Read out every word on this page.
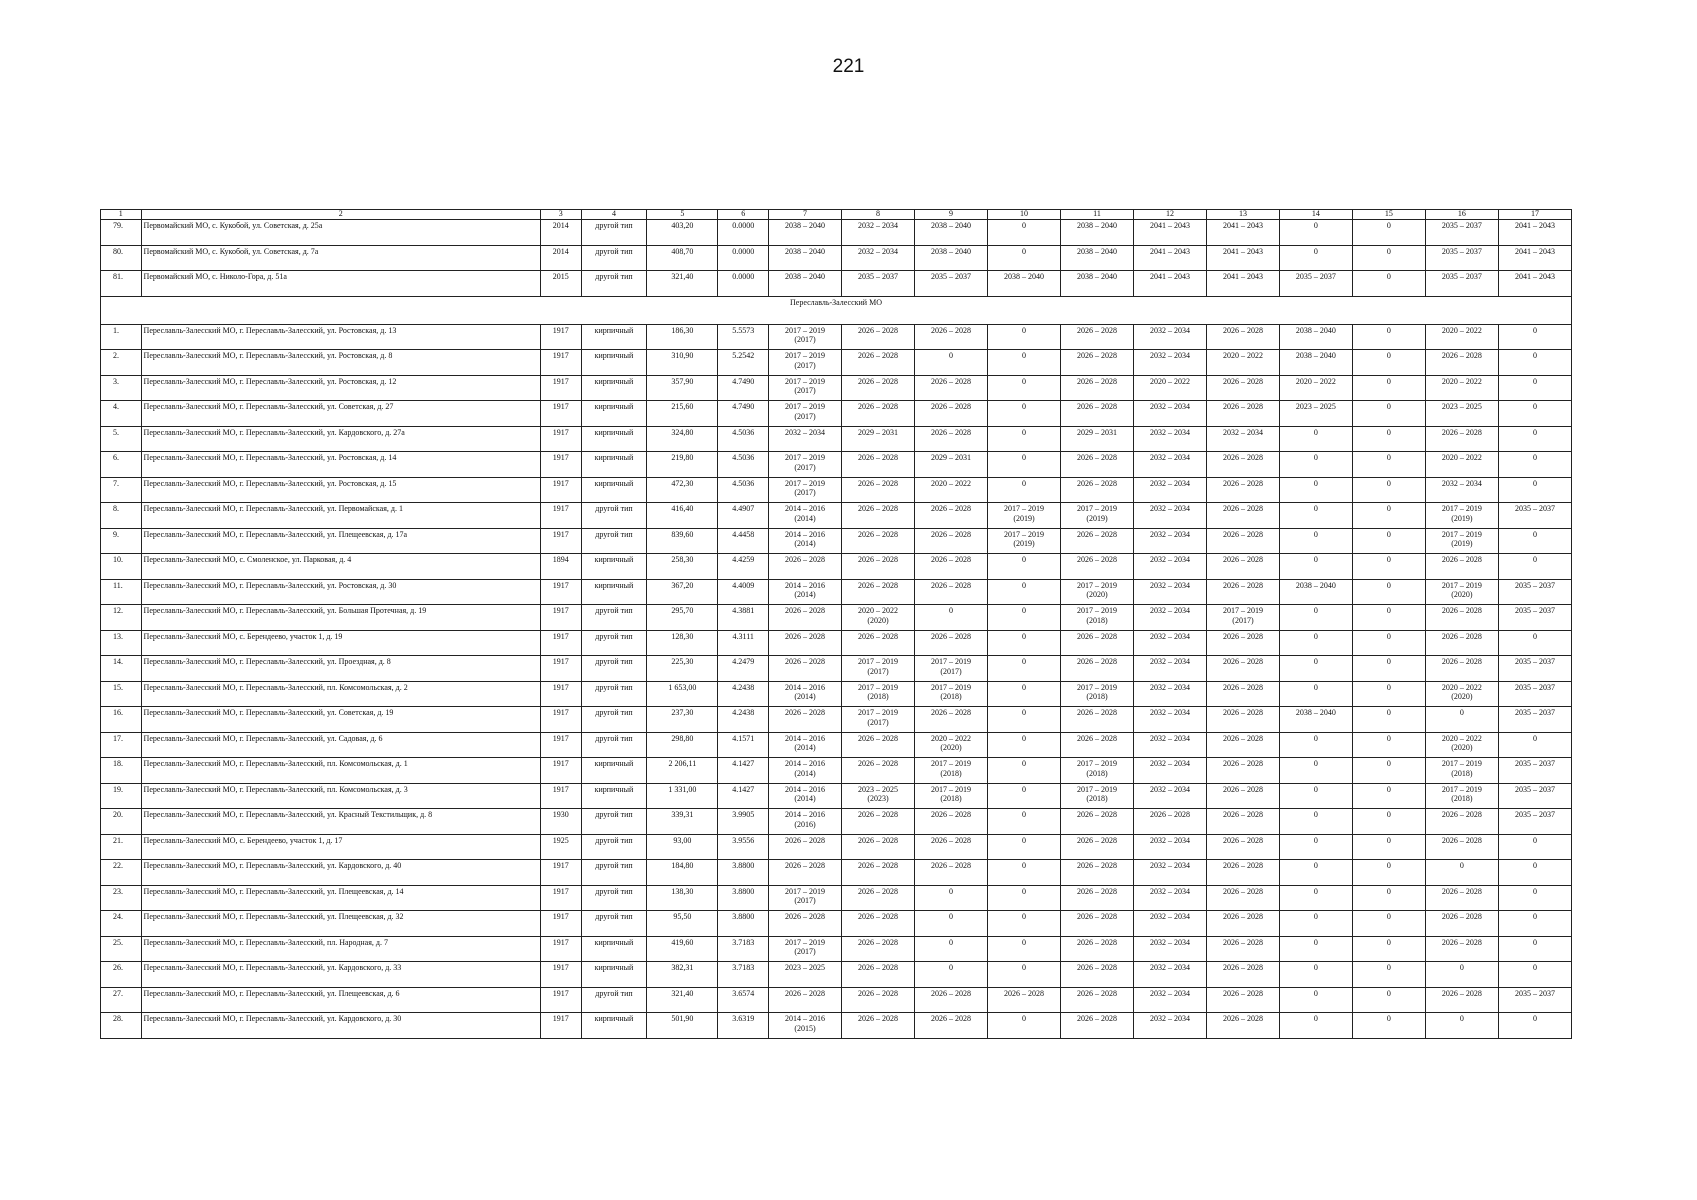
221
1	2	3	4	5	6	7	8	9	10	11	12	13	14	15	16	17
79.	Первомайский МО, с. Кукобой, ул. Советская, д. 25а	2014	другой тип	403,20	0.0000	2038 – 2040	2032 – 2034	2038 – 2040	0	2038 – 2040	2041 – 2043	2041 – 2043	0	0	2035 – 2037	2041 – 2043
80.	Первомайский МО, с. Кукобой, ул. Советская, д. 7а	2014	другой тип	408,70	0.0000	2038 – 2040	2032 – 2034	2038 – 2040	0	2038 – 2040	2041 – 2043	2041 – 2043	0	0	2035 – 2037	2041 – 2043
81.	Первомайский МО, с. Николо-Гора, д. 51а	2015	другой тип	321,40	0.0000	2038 – 2040	2035 – 2037	2035 – 2037	2038 – 2040	2038 – 2040	2041 – 2043	2041 – 2043	2035 – 2037	0	2035 – 2037	2041 – 2043
Переславль-Залесский МО																
1.	Переславль-Залесский МО, г. Переславль-Залесский, ул. Ростовская, д. 13	1917	кирпичный	186,30	5.5573	2017 – 2019
(2017)	2026 – 2028	2026 – 2028	0	2026 – 2028	2032 – 2034	2026 – 2028	2038 – 2040	0	2020 – 2022	0
2.	Переславль-Залесский МО, г. Переславль-Залесский, ул. Ростовская, д. 8	1917	кирпичный	310,90	5.2542	2017 – 2019
(2017)	2026 – 2028	0	0	2026 – 2028	2032 – 2034	2020 – 2022	2038 – 2040	0	2026 – 2028	0
3.	Переславль-Залесский МО, г. Переславль-Залесский, ул. Ростовская, д. 12	1917	кирпичный	357,90	4.7490	2017 – 2019
(2017)	2026 – 2028	2026 – 2028	0	2026 – 2028	2020 – 2022	2026 – 2028	2020 – 2022	0	2020 – 2022	0
4.	Переславль-Залесский МО, г. Переславль-Залесский, ул. Советская, д. 27	1917	кирпичный	215,60	4.7490	2017 – 2019
(2017)	2026 – 2028	2026 – 2028	0	2026 – 2028	2032 – 2034	2026 – 2028	2023 – 2025	0	2023 – 2025	0
5.	Переславль-Залесский МО, г. Переславль-Залесский, ул. Кардовского, д. 27а	1917	кирпичный	324,80	4.5036	2032 – 2034	2029 – 2031	2026 – 2028	0	2029 – 2031	2032 – 2034	2032 – 2034	0	0	2026 – 2028	0
6.	Переславль-Залесский МО, г. Переславль-Залесский, ул. Ростовская, д. 14	1917	кирпичный	219,80	4.5036	2017 – 2019
(2017)	2026 – 2028	2029 – 2031	0	2026 – 2028	2032 – 2034	2026 – 2028	0	0	2020 – 2022	0
7.	Переславль-Залесский МО, г. Переславль-Залесский, ул. Ростовская, д. 15	1917	кирпичный	472,30	4.5036	2017 – 2019
(2017)	2026 – 2028	2020 – 2022	0	2026 – 2028	2032 – 2034	2026 – 2028	0	0	2032 – 2034	0
8.	Переславль-Залесский МО, г. Переславль-Залесский, ул. Первомайская, д. 1	1917	другой тип	416,40	4.4907	2014 – 2016
(2014)	2026 – 2028	2026 – 2028	2017 – 2019
(2019)	2017 – 2019
(2019)	2032 – 2034	2026 – 2028	0	0	2017 – 2019
(2019)	2035 – 2037
9.	Переславль-Залесский МО, г. Переславль-Залесский, ул. Плещеевская, д. 17а	1917	другой тип	839,60	4.4458	2014 – 2016
(2014)	2026 – 2028	2026 – 2028	2017 – 2019
(2019)	2026 – 2028	2032 – 2034	2026 – 2028	0	0	2017 – 2019
(2019)	0
10.	Переславль-Залесский МО, с. Смоленское, ул. Парковая, д. 4	1894	кирпичный	258,30	4.4259	2026 – 2028	2026 – 2028	2026 – 2028	0	2026 – 2028	2032 – 2034	2026 – 2028	0	0	2026 – 2028	0
11.	Переславль-Залесский МО, г. Переславль-Залесский, ул. Ростовская, д. 30	1917	кирпичный	367,20	4.4009	2014 – 2016
(2014)	2026 – 2028	2026 – 2028	0	2017 – 2019
(2020)	2032 – 2034	2026 – 2028	2038 – 2040	0	2017 – 2019
(2020)	2035 – 2037
12.	Переславль-Залесский МО, г. Переславль-Залесский, ул. Большая Протечная, д. 19	1917	другой тип	295,70	4.3881	2026 – 2028	2020 – 2022
(2020)	0	0	2017 – 2019
(2018)	2032 – 2034	2017 – 2019
(2017)	0	0	2026 – 2028	2035 – 2037
13.	Переславль-Залесский МО, с. Берендеево, участок 1, д. 19	1917	другой тип	128,30	4.3111	2026 – 2028	2026 – 2028	2026 – 2028	0	2026 – 2028	2032 – 2034	2026 – 2028	0	0	2026 – 2028	0
14.	Переславль-Залесский МО, г. Переславль-Залесский, ул. Проездная, д. 8	1917	другой тип	225,30	4.2479	2026 – 2028	2017 – 2019
(2017)	2017 – 2019
(2017)	0	2026 – 2028	2032 – 2034	2026 – 2028	0	0	2026 – 2028	2035 – 2037
15.	Переславль-Залесский МО, г. Переславль-Залесский, пл. Комсомольская, д. 2	1917	другой тип	1 653,00	4.2438	2014 – 2016
(2014)	2017 – 2019
(2018)	2017 – 2019
(2018)	0	2017 – 2019
(2018)	2032 – 2034	2026 – 2028	0	0	2020 – 2022
(2020)	2035 – 2037
16.	Переславль-Залесский МО, г. Переславль-Залесский, ул. Советская, д. 19	1917	другой тип	237,30	4.2438	2026 – 2028	2017 – 2019
(2017)	2026 – 2028	0	2026 – 2028	2032 – 2034	2026 – 2028	2038 – 2040	0	0	2035 – 2037
17.	Переславль-Залесский МО, г. Переславль-Залесский, ул. Садовая, д. 6	1917	другой тип	298,80	4.1571	2014 – 2016
(2014)	2026 – 2028	2020 – 2022
(2020)	0	2026 – 2028	2032 – 2034	2026 – 2028	0	0	2020 – 2022
(2020)	0
18.	Переславль-Залесский МО, г. Переславль-Залесский, пл. Комсомольская, д. 1	1917	кирпичный	2 206,11	4.1427	2014 – 2016
(2014)	2026 – 2028	2017 – 2019
(2018)	0	2017 – 2019
(2018)	2032 – 2034	2026 – 2028	0	0	2017 – 2019
(2018)	2035 – 2037
19.	Переславль-Залесский МО, г. Переславль-Залесский, пл. Комсомольская, д. 3	1917	кирпичный	1 331,00	4.1427	2014 – 2016
(2014)	2023 – 2025
(2023)	2017 – 2019
(2018)	0	2017 – 2019
(2018)	2032 – 2034	2026 – 2028	0	0	2017 – 2019
(2018)	2035 – 2037
20.	Переславль-Залесский МО, г. Переславль-Залесский, ул. Красный Текстильщик, д. 8	1930	другой тип	339,31	3.9905	2014 – 2016
(2016)	2026 – 2028	2026 – 2028	0	2026 – 2028	2026 – 2028	2026 – 2028	0	0	2026 – 2028	2035 – 2037
21.	Переславль-Залесский МО, с. Берендеево, участок 1, д. 17	1925	другой тип	93,00	3.9556	2026 – 2028	2026 – 2028	2026 – 2028	0	2026 – 2028	2032 – 2034	2026 – 2028	0	0	2026 – 2028	0
22.	Переславль-Залесский МО, г. Переславль-Залесский, ул. Кардовского, д. 40	1917	другой тип	184,80	3.8800	2026 – 2028	2026 – 2028	2026 – 2028	0	2026 – 2028	2032 – 2034	2026 – 2028	0	0	0	0
23.	Переславль-Залесский МО, г. Переславль-Залесский, ул. Плещеевская, д. 14	1917	другой тип	138,30	3.8800	2017 – 2019
(2017)	2026 – 2028	0	0	2026 – 2028	2032 – 2034	2026 – 2028	0	0	2026 – 2028	0
24.	Переславль-Залесский МО, г. Переславль-Залесский, ул. Плещеевская, д. 32	1917	другой тип	95,50	3.8800	2026 – 2028	2026 – 2028	0	0	2026 – 2028	2032 – 2034	2026 – 2028	0	0	2026 – 2028	0
25.	Переславль-Залесский МО, г. Переславль-Залесский, пл. Народная, д. 7	1917	кирпичный	419,60	3.7183	2017 – 2019
(2017)	2026 – 2028	0	0	2026 – 2028	2032 – 2034	2026 – 2028	0	0	2026 – 2028	0
26.	Переславль-Залесский МО, г. Переславль-Залесский, ул. Кардовского, д. 33	1917	кирпичный	382,31	3.7183	2023 – 2025	2026 – 2028	0	0	2026 – 2028	2032 – 2034	2026 – 2028	0	0	0	0
27.	Переславль-Залесский МО, г. Переславль-Залесский, ул. Плещеевская, д. 6	1917	другой тип	321,40	3.6574	2026 – 2028	2026 – 2028	2026 – 2028	2026 – 2028	2026 – 2028	2032 – 2034	2026 – 2028	0	0	2026 – 2028	2035 – 2037
28.	Переславль-Залесский МО, г. Переславль-Залесский, ул. Кардовского, д. 30	1917	кирпичный	501,90	3.6319	2014 – 2016
(2015)	2026 – 2028	2026 – 2028	0	2026 – 2028	2032 – 2034	2026 – 2028	0	0	0	0
